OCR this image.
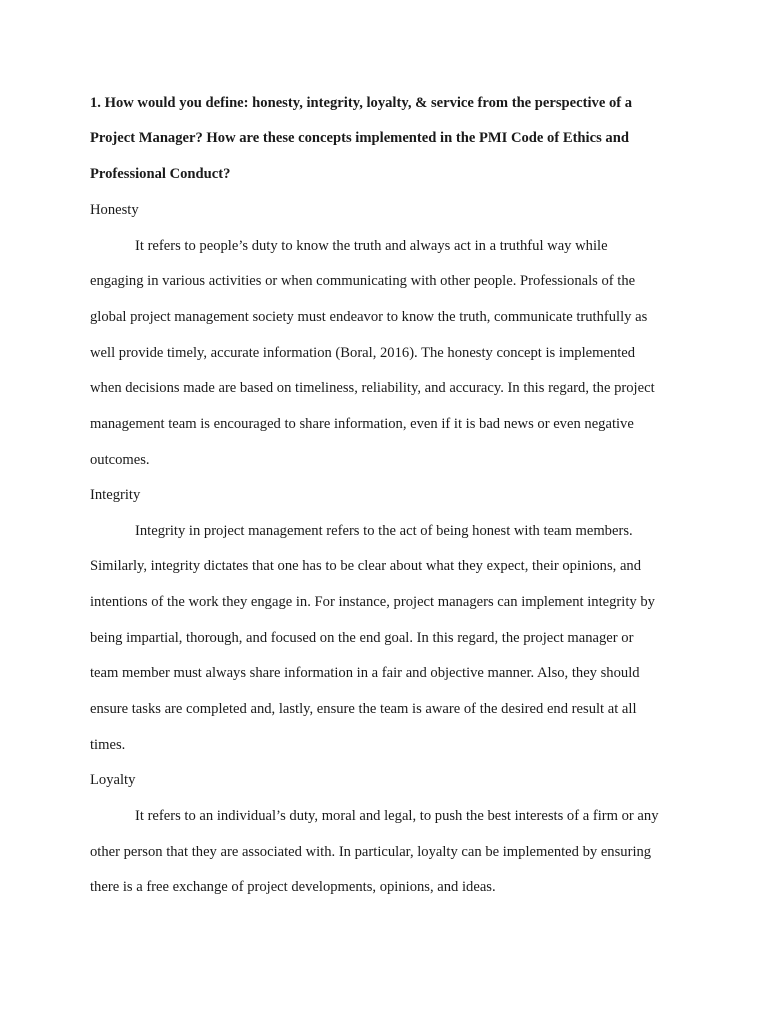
1. How would you define: honesty, integrity, loyalty, & service from the perspective of a
Project Manager? How are these concepts implemented in the PMI Code of Ethics and
Professional Conduct?
Honesty
It refers to people’s duty to know the truth and always act in a truthful way while
engaging in various activities or when communicating with other people. Professionals of the
global project management society must endeavor to know the truth, communicate truthfully as
well provide timely, accurate information (Boral, 2016). The honesty concept is implemented
when decisions made are based on timeliness, reliability, and accuracy. In this regard, the project
management team is encouraged to share information, even if it is bad news or even negative
outcomes.
Integrity
Integrity in project management refers to the act of being honest with team members.
Similarly, integrity dictates that one has to be clear about what they expect, their opinions, and
intentions of the work they engage in. For instance, project managers can implement integrity by
being impartial, thorough, and focused on the end goal. In this regard, the project manager or
team member must always share information in a fair and objective manner. Also, they should
ensure tasks are completed and, lastly, ensure the team is aware of the desired end result at all
times.
Loyalty
It refers to an individual’s duty, moral and legal, to push the best interests of a firm or any
other person that they are associated with. In particular, loyalty can be implemented by ensuring
there is a free exchange of project developments, opinions, and ideas.
